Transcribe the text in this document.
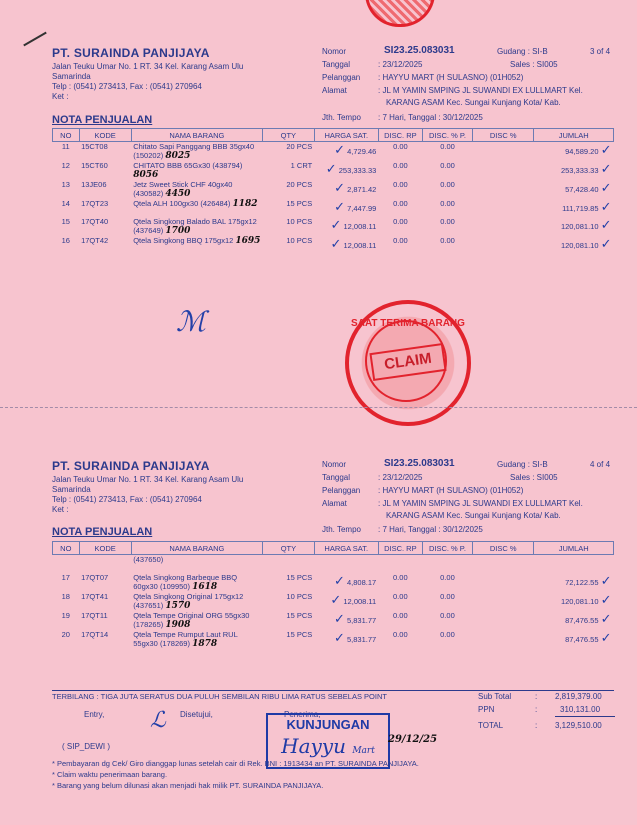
PT. SURAINDA PANJIJAYA
Jalan Teuku Umar No. 1 RT. 34 Kel. Karang Asam Ulu
Samarinda
Telp : (0541) 273413, Fax : (0541) 270964
Ket :
Nomor	SI23.25.083031	Gudang : SI-B	3 of 4
Tanggal	: 23/12/2025	Sales : SI005
Pelanggan : HAYYU MART (H SULASNO) (01H052)
Alamat	: JL M YAMIN SMPING JL SUWANDI EX LULLMART Kel.
KARANG ASAM Kec. Sungai Kunjang Kota/ Kab.
Jth. Tempo : 7 Hari, Tanggal : 30/12/2025
NOTA PENJUALAN
NO	KODE	NAMA BARANG	QTY	HARGA SAT.	DISC. RP	DISC. % P.	DISC %	JUMLAH
11	15CT08	Chitato Sapi Panggang BBB 35gx40 (150202) 8025	20 PCS	✓ 4,729.46	0.00	0.00		94,589.20 ✓
12	15CT60	CHITATO BBB 65Gx30 (438794) 8056	1 CRT	✓ 253,333.33	0.00	0.00		253,333.33 ✓
13	13JE06	Jetz Sweet Stick CHF 40gx40 (430582) 4450	20 PCS	✓ 2,871.42	0.00	0.00		57,428.40 ✓
14	17QT23	Qtela ALH 100gx30 (426484) 1182	15 PCS	✓ 7,447.99	0.00	0.00		111,719.85 ✓
15	17QT40	Qtela Singkong Balado BAL 175gx12 (437649) 1700	10 PCS	✓ 12,008.11	0.00	0.00		120,081.10 ✓
16	17QT42	Qtela Singkong BBQ 175gx12 1695	10 PCS	✓ 12,008.11	0.00	0.00		120,081.10 ✓
ℳ	SAAT TERIMA BARANG
CLAIM
PT. SURAINDA PANJIJAYA
Jalan Teuku Umar No. 1 RT. 34 Kel. Karang Asam Ulu
Samarinda
Telp : (0541) 273413, Fax : (0541) 270964
Ket :
Nomor	SI23.25.083031	Gudang : SI-B	4 of 4
Tanggal	: 23/12/2025	Sales : SI005
Pelanggan : HAYYU MART (H SULASNO) (01H052)
Alamat	: JL M YAMIN SMPING JL SUWANDI EX LULLMART Kel.
KARANG ASAM Kec. Sungai Kunjang Kota/ Kab.
Jth. Tempo : 7 Hari, Tanggal : 30/12/2025
NOTA PENJUALAN
NO	KODE	NAMA BARANG	QTY	HARGA SAT.	DISC. RP	DISC. % P.	DISC %	JUMLAH
		(437650)						
17	17QT07	Qtela Singkong Barbeque BBQ 60gx30 (109950) 1618	15 PCS	✓ 4,808.17	0.00	0.00		72,122.55 ✓
18	17QT41	Qtela Singkong Original 175gx12 (437651) 1570	10 PCS	✓ 12,008.11	0.00	0.00		120,081.10 ✓
19	17QT11	Qtela Tempe Original ORG 55gx30 (178265) 1908	15 PCS	✓ 5,831.77	0.00	0.00		87,476.55 ✓
20	17QT14	Qtela Tempe Rumput Laut RUL 55gx30 (178269) 1878	15 PCS	✓ 5,831.77	0.00	0.00		87,476.55 ✓
TERBILANG : TIGA JUTA SERATUS DUA PULUH SEMBILAN RIBU LIMA RATUS SEBELAS POINT	Sub Total	: 2,819,379.00
PPN	:	310,131.00
TOTAL	: 3,129,510.00
Entry,	Disetujui,	Penerima,
ℒ
( SIP_DEWI )
KUNJUNGAN
Hayyu Mart
29/12/25
* Pembayaran dg Cek/ Giro dianggap lunas setelah cair di Rek. BNI : 1913434 an PT. SURAINDA PANJIJAYA.
* Claim waktu penerimaan barang.
* Barang yang belum dilunasi akan menjadi hak milik PT. SURAINDA PANJIJAYA.
